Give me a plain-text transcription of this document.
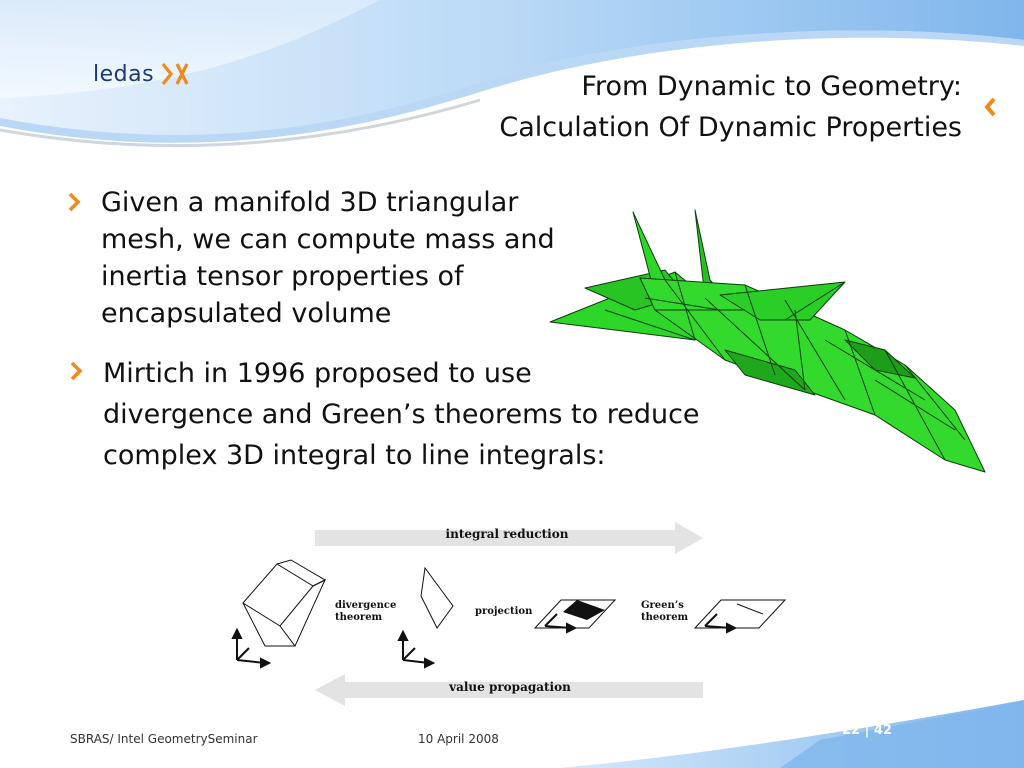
ledas	From Dynamic to Geometry:
Calculation Of Dynamic Properties
Given a manifold 3D triangular
mesh, we can compute mass and
inertia tensor properties of
encapsulated volume
Mirtich in 1996 proposed to use
divergence and Green’s theorems to reduce
complex 3D integral to line integrals:
integral reduction
divergence
theorem
projection
Green’s
theorem
value propagation
SBRAS/ Intel GeometrySeminar	10 April 2008
22 | 42
